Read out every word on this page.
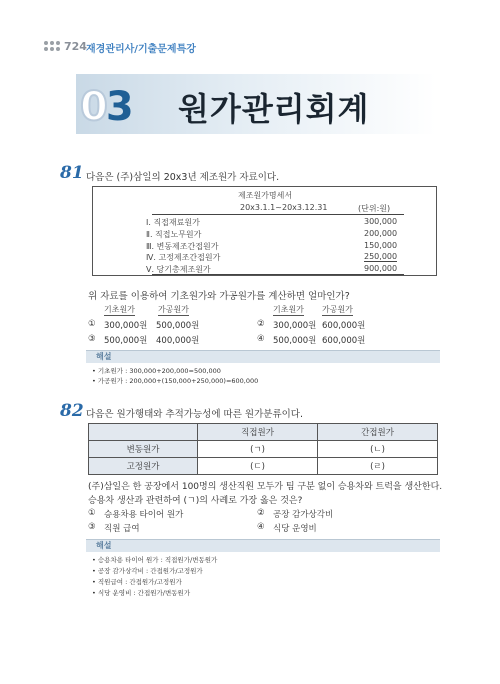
724 재경관리사/기출문제특강
03 원가관리회계
81 다음은 (주)삼일의 20x3년 제조원가 자료이다.
제조원가명세서
20x3.1.1~20x3.12.31	(단위:원)
Ⅰ. 직접재료원가	300,000
Ⅱ. 직접노무원가	200,000
Ⅲ. 변동제조간접원가	150,000
Ⅳ. 고정제조간접원가	250,000
Ⅴ. 당기총제조원가	900,000
위 자료를 이용하여 기초원가와 가공원가를 계산하면 얼마인가?
기초원가	가공원가	기초원가 가공원가
① 300,000원 500,000원	② 300,000원 600,000원
③ 500,000원 400,000원	④ 500,000원 600,000원
해설
• 기초원가 : 300,000+200,000=500,000
• 가공원가 : 200,000+(150,000+250,000)=600,000
82 다음은 원가행태와 추적가능성에 따른 원가분류이다.
	직접원가	간접원가
변동원가	(ㄱ)	(ㄴ)
고정원가	(ㄷ)	(ㄹ)
(주)삼일은 한 공장에서 100명의 생산직원 모두가 팀 구분 없이 승용차와 트럭을 생산한다.
승용차 생산과 관련하여 (ㄱ)의 사례로 가장 옳은 것은?
① 승용차용 타이어 원가	② 공장 감가상각비
③ 직원 급여	④ 식당 운영비
해설
• 승용차용 타이어 원가 : 직접원가/변동원가
• 공장 감가상각비 : 간접원가/고정원가
• 직원급여 : 간접원가/고정원가
• 식당 운영비 : 간접원가/변동원가
